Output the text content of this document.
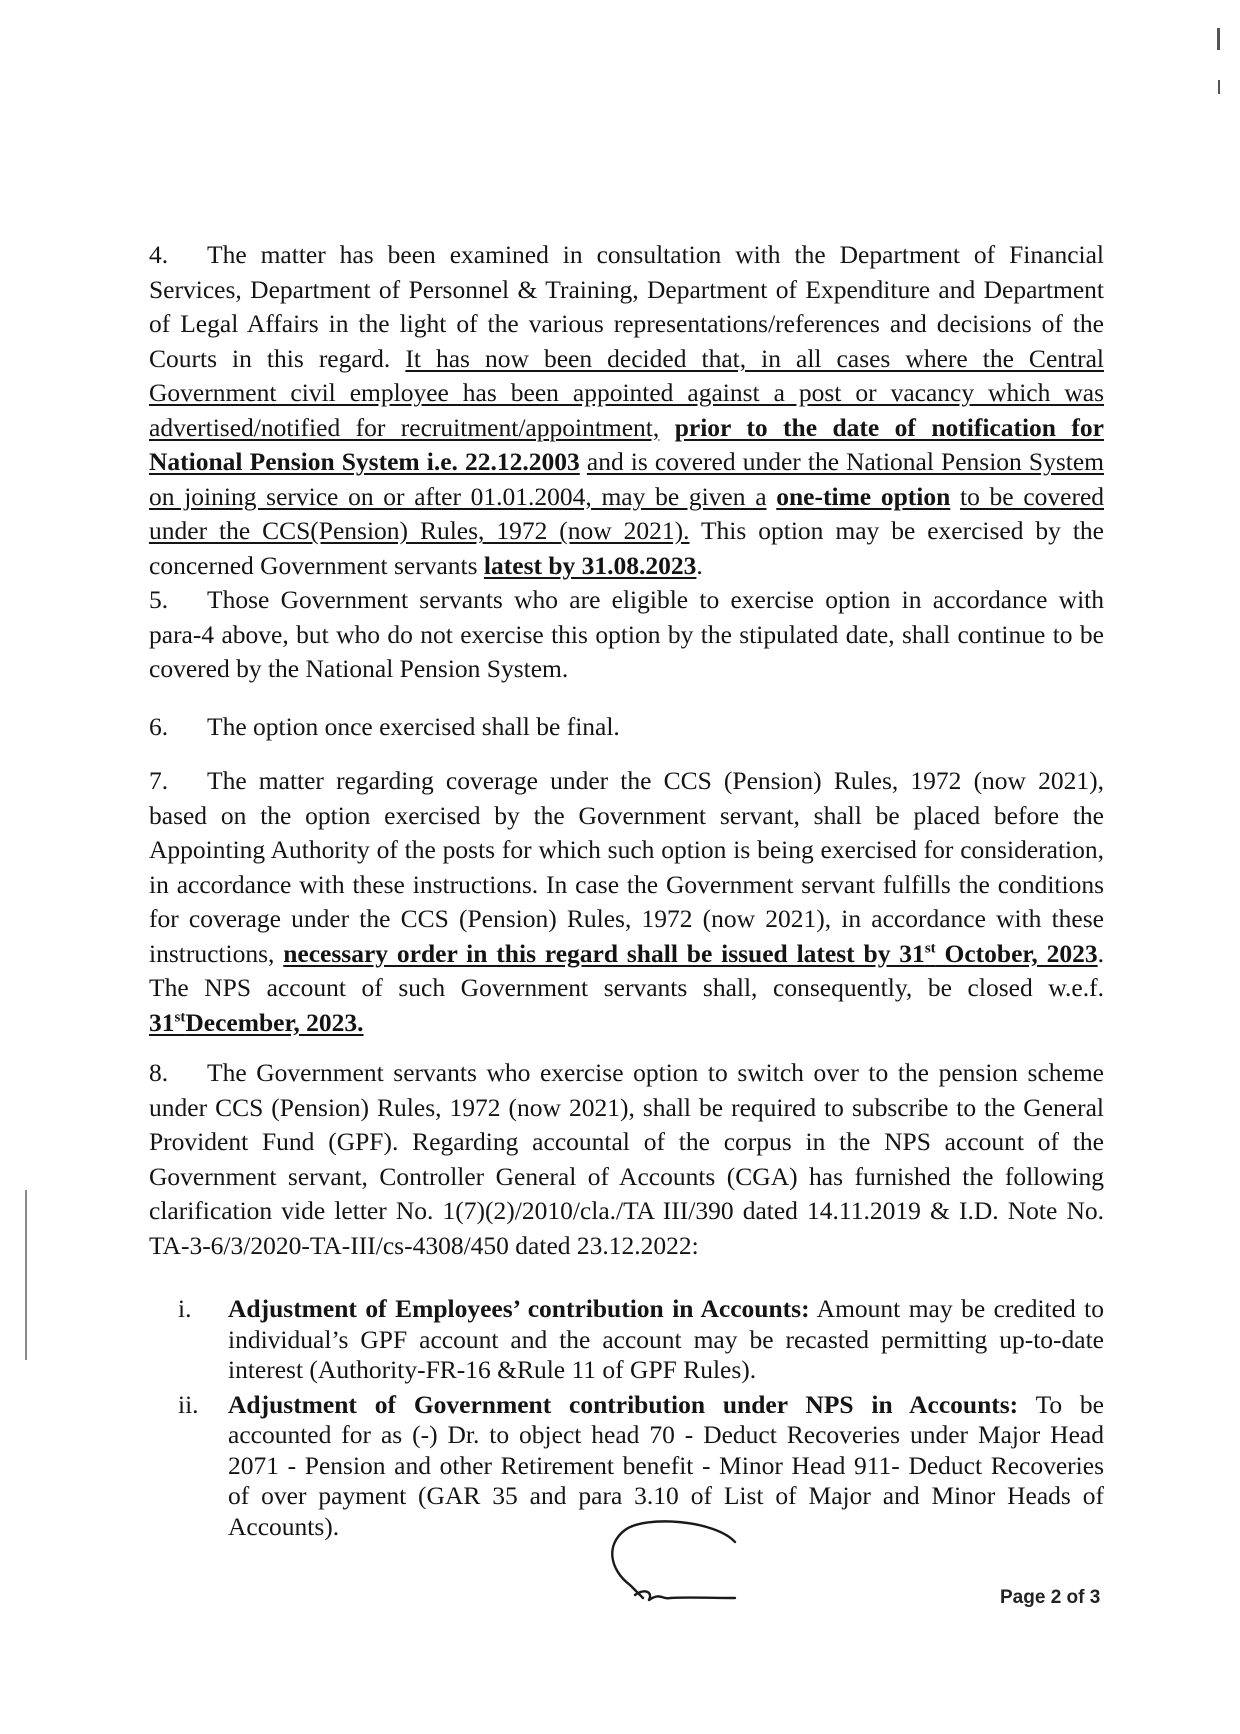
4. The matter has been examined in consultation with the Department of Financial Services, Department of Personnel & Training, Department of Expenditure and Department of Legal Affairs in the light of the various representations/references and decisions of the Courts in this regard. It has now been decided that, in all cases where the Central Government civil employee has been appointed against a post or vacancy which was advertised/notified for recruitment/appointment, prior to the date of notification for National Pension System i.e. 22.12.2003 and is covered under the National Pension System on joining service on or after 01.01.2004, may be given a one-time option to be covered under the CCS(Pension) Rules, 1972 (now 2021). This option may be exercised by the concerned Government servants latest by 31.08.2023.
5. Those Government servants who are eligible to exercise option in accordance with para-4 above, but who do not exercise this option by the stipulated date, shall continue to be covered by the National Pension System.
6. The option once exercised shall be final.
7. The matter regarding coverage under the CCS (Pension) Rules, 1972 (now 2021), based on the option exercised by the Government servant, shall be placed before the Appointing Authority of the posts for which such option is being exercised for consideration, in accordance with these instructions. In case the Government servant fulfills the conditions for coverage under the CCS (Pension) Rules, 1972 (now 2021), in accordance with these instructions, necessary order in this regard shall be issued latest by 31st October, 2023. The NPS account of such Government servants shall, consequently, be closed w.e.f. 31stDecember, 2023.
8. The Government servants who exercise option to switch over to the pension scheme under CCS (Pension) Rules, 1972 (now 2021), shall be required to subscribe to the General Provident Fund (GPF). Regarding accountal of the corpus in the NPS account of the Government servant, Controller General of Accounts (CGA) has furnished the following clarification vide letter No. 1(7)(2)/2010/cla./TA III/390 dated 14.11.2019 & I.D. Note No. TA-3-6/3/2020-TA-III/cs-4308/450 dated 23.12.2022:
i. Adjustment of Employees’ contribution in Accounts: Amount may be credited to individual’s GPF account and the account may be recasted permitting up-to-date interest (Authority-FR-16 &Rule 11 of GPF Rules).
ii. Adjustment of Government contribution under NPS in Accounts: To be accounted for as (-) Dr. to object head 70 - Deduct Recoveries under Major Head 2071 - Pension and other Retirement benefit - Minor Head 911- Deduct Recoveries of over payment (GAR 35 and para 3.10 of List of Major and Minor Heads of Accounts).
Page 2 of 3
